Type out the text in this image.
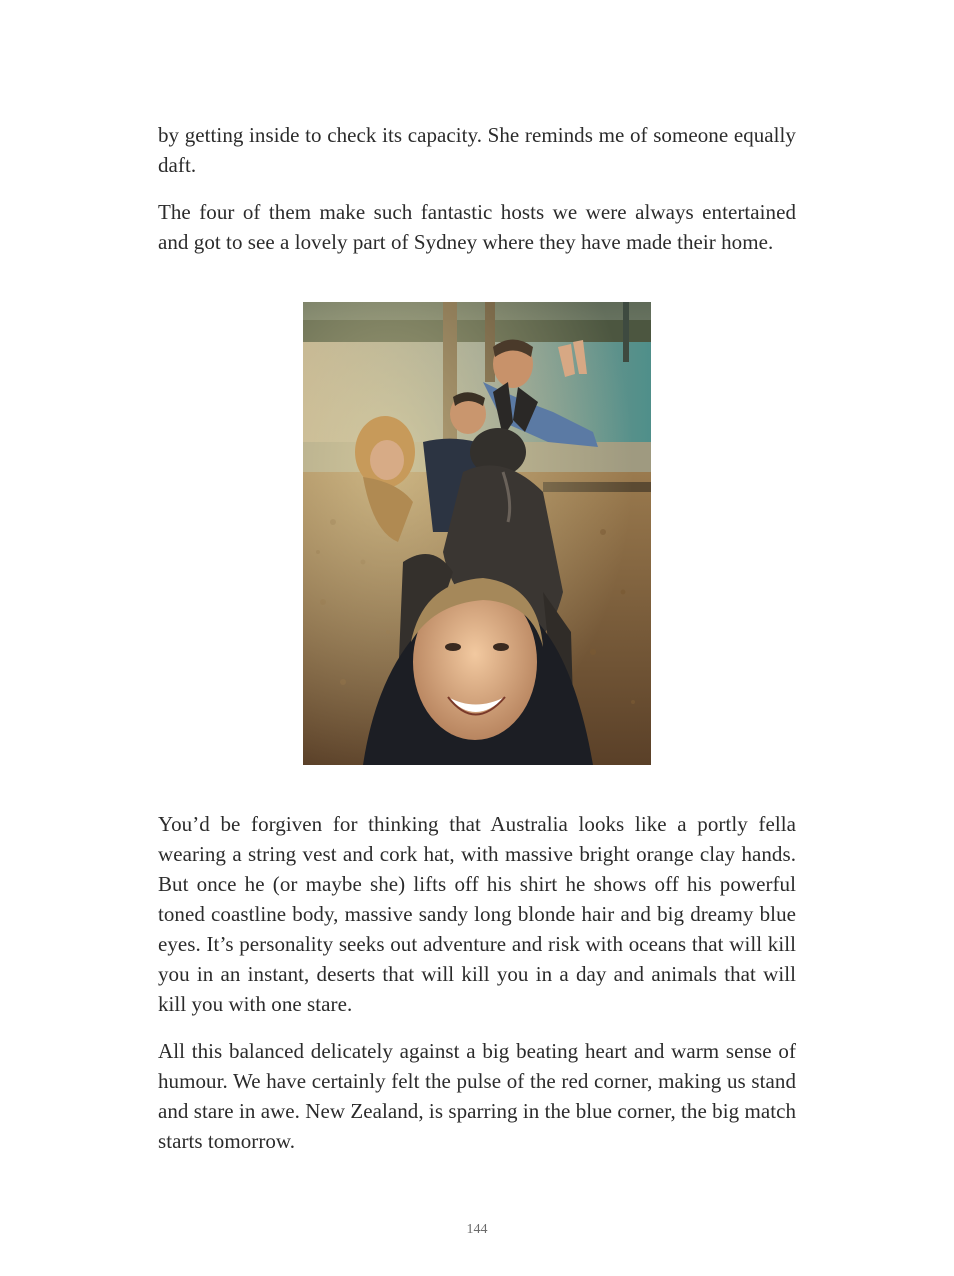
by getting inside to check its capacity. She reminds me of someone equally daft.

The four of them make such fantastic hosts we were always entertained and got to see a lovely part of Sydney where they have made their home.

You’d be forgiven for thinking that Australia looks like a portly fella wearing a string vest and cork hat, with massive bright orange clay hands. But once he (or maybe she) lifts off his shirt he shows off his powerful toned coastline body, massive sandy long blonde hair and big dreamy blue eyes. It’s personality seeks out adventure and risk with oceans that will kill you in an instant, deserts that will kill you in a day and animals that will kill you with one stare.

All this balanced delicately against a big beating heart and warm sense of humour. We have certainly felt the pulse of the red corner, making us stand and stare in awe. New Zealand, is sparring in the blue corner, the big match starts tomorrow.

144
